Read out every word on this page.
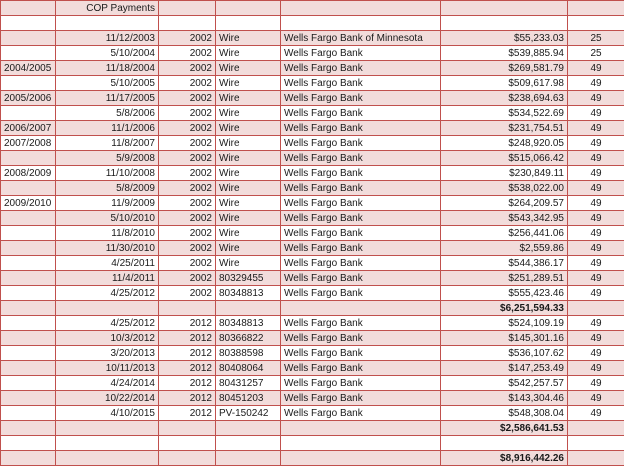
	COP Payments					

	11/12/2003	2002	Wire	Wells Fargo Bank of Minnesota	$55,233.03	25
	5/10/2004	2002	Wire	Wells Fargo Bank	$539,885.94	25
2004/2005	11/18/2004	2002	Wire	Wells Fargo Bank	$269,581.79	49
	5/10/2005	2002	Wire	Wells Fargo Bank	$509,617.98	49
2005/2006	11/17/2005	2002	Wire	Wells Fargo Bank	$238,694.63	49
	5/8/2006	2002	Wire	Wells Fargo Bank	$534,522.69	49
2006/2007	11/1/2006	2002	Wire	Wells Fargo Bank	$231,754.51	49
2007/2008	11/8/2007	2002	Wire	Wells Fargo Bank	$248,920.05	49
	5/9/2008	2002	Wire	Wells Fargo Bank	$515,066.42	49
2008/2009	11/10/2008	2002	Wire	Wells Fargo Bank	$230,849.11	49
	5/8/2009	2002	Wire	Wells Fargo Bank	$538,022.00	49
2009/2010	11/9/2009	2002	Wire	Wells Fargo Bank	$264,209.57	49
	5/10/2010	2002	Wire	Wells Fargo Bank	$543,342.95	49
	11/8/2010	2002	Wire	Wells Fargo Bank	$256,441.06	49
	11/30/2010	2002	Wire	Wells Fargo Bank	$2,559.86	49
	4/25/2011	2002	Wire	Wells Fargo Bank	$544,386.17	49
	11/4/2011	2002	80329455	Wells Fargo Bank	$251,289.51	49
	4/25/2012	2002	80348813	Wells Fargo Bank	$555,423.46	49
					$6,251,594.33	
	4/25/2012	2012	80348813	Wells Fargo Bank	$524,109.19	49
	10/3/2012	2012	80366822	Wells Fargo Bank	$145,301.16	49
	3/20/2013	2012	80388598	Wells Fargo Bank	$536,107.62	49
	10/11/2013	2012	80408064	Wells Fargo Bank	$147,253.49	49
	4/24/2014	2012	80431257	Wells Fargo Bank	$542,257.57	49
	10/22/2014	2012	80451203	Wells Fargo Bank	$143,304.46	49
	4/10/2015	2012	PV-150242	Wells Fargo Bank	$548,308.04	49
					$2,586,641.53	

					$8,916,442.26	
